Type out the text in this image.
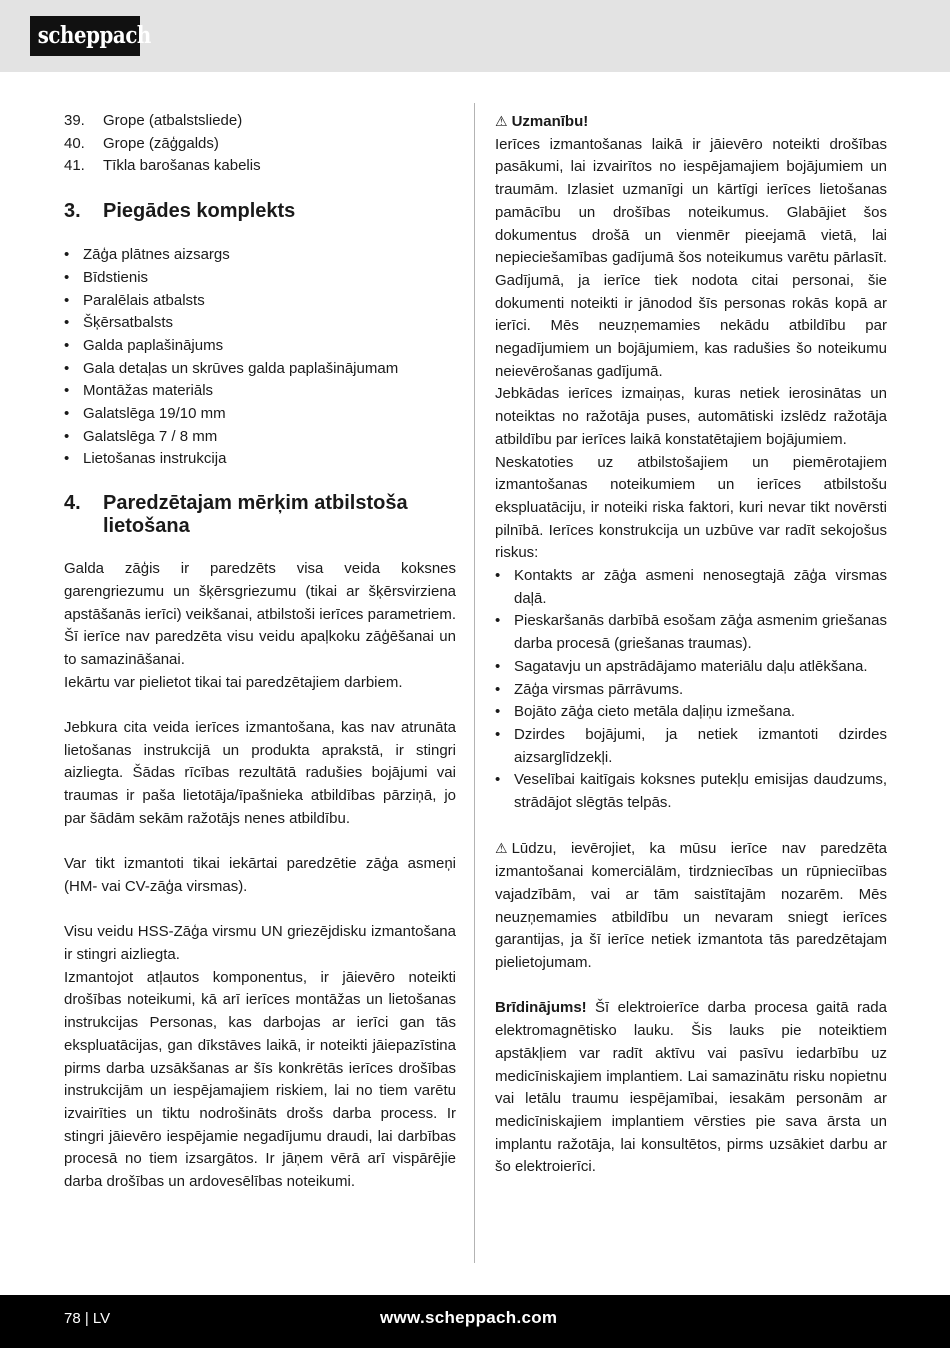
scheppach
39.	Grope (atbalstsliede)
40.	Grope (zāģgalds)
41.	Tīkla barošanas kabelis
3.	Piegādes komplekts
• Zāģa plātnes aizsargs
• Bīdstienis
• Paralēlais atbalsts
• Šķērsatbalsts
• Galda paplašinājums
• Gala detaļas un skrūves galda paplašinājumam
• Montāžas materiāls
• Galatslēga 19/10 mm
• Galatslēga 7 / 8 mm
• Lietošanas instrukcija
4.	Paredzētajam mērķim atbilstoša lietošana

Galda zāģis ir paredzēts visa veida koksnes garengriezumu un šķērsgriezumu (tikai ar šķērsvirziena apstāšanās ierīci) veikšanai, atbilstoši ierīces parametriem. Šī ierīce nav paredzēta visu veidu apaļkoku zāģēšanai un to samazināšanai.

Iekārtu var pielietot tikai tai paredzētajiem darbiem.

Jebkura cita veida ierīces izmantošana, kas nav atrunāta lietošanas instrukcijā un produkta aprakstā, ir stingri aizliegta. Šādas rīcības rezultātā radušies bojājumi vai traumas ir paša lietotāja/īpašnieka atbildības pārziņā, jo par šādām sekām ražotājs nenes atbildību.

Var tikt izmantoti tikai iekārtai paredzētie zāģa asmeņi (HM- vai CV-zāģa virsmas).

Visu veidu HSS-Zāģa virsmu UN griezējdisku izmantošana ir stingri aizliegta.

Izmantojot atļautos komponentus, ir jāievēro noteikti drošības noteikumi, kā arī ierīces montāžas un lietošanas instrukcijas Personas, kas darbojas ar ierīci gan tās ekspluatācijas, gan dīkstāves laikā, ir noteikti jāiepazīstina pirms darba uzsākšanas ar šīs konkrētās ierīces drošības instrukcijām un iespējamajiem riskiem, lai no tiem varētu izvairīties un tiktu nodrošināts drošs darba process. Ir stingri jāievēro iespējamie negadījumu draudi, lai darbības procesā no tiem izsargātos. Ir jāņem vērā arī vispārējie darba drošības un ardovesēlības noteikumi.

⚠ Uzmanību!

Ierīces izmantošanas laikā ir jāievēro noteikti drošības pasākumi, lai izvairītos no iespējamajiem bojājumiem un traumām. Izlasiet uzmanīgi un kārtīgi ierīces lietošanas pamācību un drošības noteikumus. Glabājiet šos dokumentus drošā un vienmēr pieejamā vietā, lai nepieciešamības gadījumā šos noteikumus varētu pārlasīt. Gadījumā, ja ierīce tiek nodota citai personai, šie dokumenti noteikti ir jānodod šīs personas rokās kopā ar ierīci. Mēs neuzņemamies nekādu atbildību par negadījumiem un bojājumiem, kas radušies šo noteikumu neievērošanas gadījumā.

Jebkādas ierīces izmaiņas, kuras netiek ierosinātas un noteiktas no ražotāja puses, automātiski izslēdz ražotāja atbildību par ierīces laikā konstatētajiem bojājumiem.

Neskatoties uz atbilstošajiem un piemērotajiem izmantošanas noteikumiem un ierīces atbilstošu ekspluatāciju, ir noteiki riska faktori, kuri nevar tikt novērsti pilnībā. Ierīces konstrukcija un uzbūve var radīt sekojošus riskus:

• Kontakts ar zāģa asmeni nenosegtajā zāģa virsmas daļā.
• Pieskaršanās darbībā esošam zāģa asmenim griešanas darba procesā (griešanas traumas).
• Sagatavju un apstrādājamo materiālu daļu atlēkšana.
• Zāģa virsmas pārrāvums.
• Bojāto zāģa cieto metāla daļiņu izmešana.
• Dzirdes bojājumi, ja netiek izmantoti dzirdes aizsarglīdzekļi.
• Veselībai kaitīgais koksnes putekļu emisijas daudzums, strādājot slēgtās telpās.

⚠ Lūdzu, ievērojiet, ka mūsu ierīce nav paredzēta izmantošanai komerciālām, tirdzniecības un rūpnieciības vajadzībām, vai ar tām saistītajām nozarēm. Mēs neuzņemamies atbildību un nevaram sniegt ierīces garantijas, ja šī ierīce netiek izmantota tās paredzētajam pielietojumam.

Brīdinājums! Šī elektroierīce darba procesa gaitā rada elektromagnētisko lauku. Šis lauks pie noteiktiem apstākļiem var radīt aktīvu vai pasīvu iedarbību uz medicīniskajiem implantiem. Lai samazinātu risku nopietnu vai letālu traumu iespējamībai, iesakām personām ar medicīniskajiem implantiem vērsties pie sava ārsta un implantu ražotāja, lai konsultētos, pirms uzsākiet darbu ar šo elektroierīci.

78 | LV	www.scheppach.com
